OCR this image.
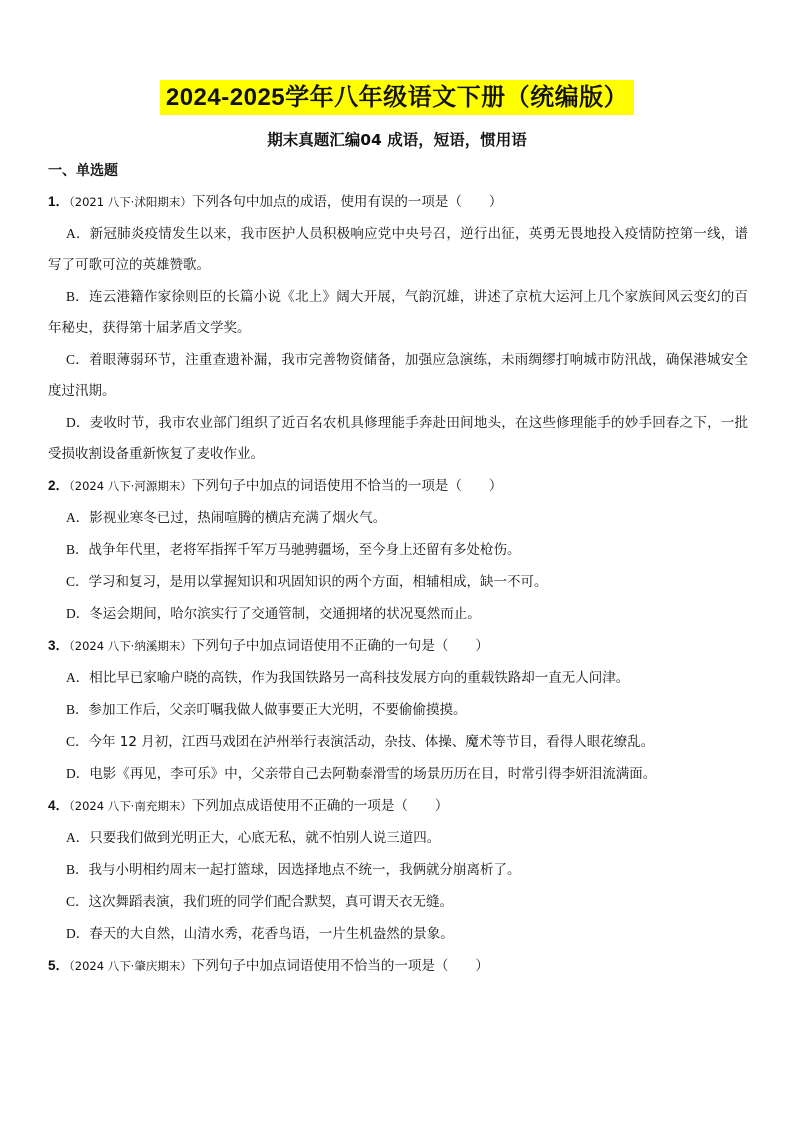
2024-2025学年八年级语文下册（统编版）
期末真题汇编04 成语，短语，惯用语
一、单选题
1．（2021 八下·沭阳期末）下列各句中加点的成语，使用有误的一项是（　　）
A．新冠肺炎疫情发生以来，我市医护人员积极响应党中央号召，逆行出征，英勇无畏地投入疫情防控第一线，谱写了可歌可泣的英雄赞歌。
B．连云港籍作家徐则臣的长篇小说《北上》阔大开展，气韵沉雄，讲述了京杭大运河上几个家族间风云变幻的百年秘史，获得第十届茅盾文学奖。
C．着眼薄弱环节，注重查遗补漏，我市完善物资储备，加强应急演练，未雨绸缪打响城市防汛战，确保港城安全度过汛期。
D．麦收时节，我市农业部门组织了近百名农机具修理能手奔赴田间地头，在这些修理能手的妙手回春之下，一批受损收割设备重新恢复了麦收作业。
2．（2024 八下·河源期末）下列句子中加点的词语使用不恰当的一项是（　　）
A．影视业寒冬已过，热闹喧腾的横店充满了烟火气。
B．战争年代里，老将军指挥千军万马驰骋疆场，至今身上还留有多处枪伤。
C．学习和复习，是用以掌握知识和巩固知识的两个方面，相辅相成，缺一不可。
D．冬运会期间，哈尔滨实行了交通管制，交通拥堵的状况戛然而止。
3．（2024 八下·纳溪期末）下列句子中加点词语使用不正确的一句是（　　）
A．相比早已家喻户晓的高铁，作为我国铁路另一高科技发展方向的重载铁路却一直无人问津。
B．参加工作后，父亲叮嘱我做人做事要正大光明，不要偷偷摸摸。
C．今年 12 月初，江西马戏团在泸州举行表演活动，杂技、体操、魔术等节目，看得人眼花缭乱。
D．电影《再见，李可乐》中，父亲带自己去阿勒泰滑雪的场景历历在目，时常引得李妍泪流满面。
4．（2024 八下·南充期末）下列加点成语使用不正确的一项是（　　）
A．只要我们做到光明正大，心底无私，就不怕别人说三道四。
B．我与小明相约周末一起打篮球，因选择地点不统一，我俩就分崩离析了。
C．这次舞蹈表演，我们班的同学们配合默契，真可谓天衣无缝。
D．春天的大自然，山清水秀，花香鸟语，一片生机盎然的景象。
5．（2024 八下·肇庆期末）下列句子中加点词语使用不恰当的一项是（　　）
